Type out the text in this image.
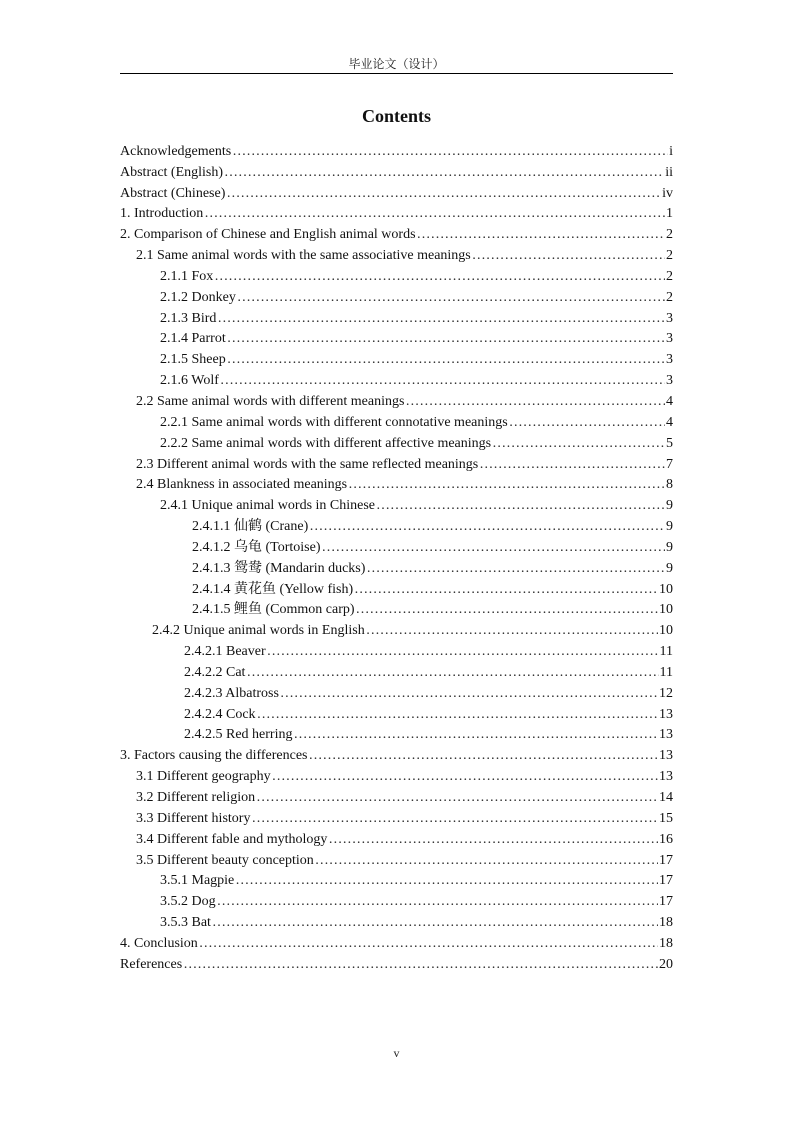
毕业论文（设计）
Contents
Acknowledgements …………………………………………………………………………………………………………………………………………………………………………………………………………………………………………	i
Abstract (English) …………………………………………………………………………………………………………………………………………………………………………………………………………………………………………	ii
Abstract (Chinese) …………………………………………………………………………………………………………………………………………………………………………………………………………………………………………	iv
1. Introduction …………………………………………………………………………………………………………………………………………………………………………………………………………………………………………	1
2. Comparison of Chinese and English animal words …………………………………………………………………………………………………………………………………………………………………………………………………………………………………………	2
2.1 Same animal words with the same associative meanings …………………………………………………………………………………………………………………………………………………………………………………………………………………………………………	2
2.1.1 Fox …………………………………………………………………………………………………………………………………………………………………………………………………………………………………………	2
2.1.2 Donkey …………………………………………………………………………………………………………………………………………………………………………………………………………………………………………	2
2.1.3 Bird …………………………………………………………………………………………………………………………………………………………………………………………………………………………………………	3
2.1.4 Parrot …………………………………………………………………………………………………………………………………………………………………………………………………………………………………………	3
2.1.5 Sheep …………………………………………………………………………………………………………………………………………………………………………………………………………………………………………	3
2.1.6 Wolf …………………………………………………………………………………………………………………………………………………………………………………………………………………………………………	3
2.2 Same animal words with different meanings …………………………………………………………………………………………………………………………………………………………………………………………………………………………………………	4
2.2.1 Same animal words with different connotative meanings …………………………………………………………………………………………………………………………………………………………………………………………………………………………………………	4
2.2.2 Same animal words with different affective meanings …………………………………………………………………………………………………………………………………………………………………………………………………………………………………………	5
2.3 Different animal words with the same reflected meanings …………………………………………………………………………………………………………………………………………………………………………………………………………………………………………	7
2.4 Blankness in associated meanings …………………………………………………………………………………………………………………………………………………………………………………………………………………………………………	8
2.4.1 Unique animal words in Chinese …………………………………………………………………………………………………………………………………………………………………………………………………………………………………………	9
2.4.1.1 仙鹤 (Crane) …………………………………………………………………………………………………………………………………………………………………………………………………………………………………………	9
2.4.1.2 乌龟 (Tortoise) …………………………………………………………………………………………………………………………………………………………………………………………………………………………………………	9
2.4.1.3 鸳鸯 (Mandarin ducks) …………………………………………………………………………………………………………………………………………………………………………………………………………………………………………	9
2.4.1.4 黄花鱼 (Yellow fish) …………………………………………………………………………………………………………………………………………………………………………………………………………………………………………	10
2.4.1.5 鲤鱼 (Common carp) …………………………………………………………………………………………………………………………………………………………………………………………………………………………………………	10
2.4.2 Unique animal words in English …………………………………………………………………………………………………………………………………………………………………………………………………………………………………………	10
2.4.2.1 Beaver …………………………………………………………………………………………………………………………………………………………………………………………………………………………………………	11
2.4.2.2 Cat …………………………………………………………………………………………………………………………………………………………………………………………………………………………………………	11
2.4.2.3 Albatross …………………………………………………………………………………………………………………………………………………………………………………………………………………………………………	12
2.4.2.4 Cock …………………………………………………………………………………………………………………………………………………………………………………………………………………………………………	13
2.4.2.5 Red herring …………………………………………………………………………………………………………………………………………………………………………………………………………………………………………	13
3. Factors causing the differences …………………………………………………………………………………………………………………………………………………………………………………………………………………………………………	13
3.1 Different geography …………………………………………………………………………………………………………………………………………………………………………………………………………………………………………	13
3.2 Different religion …………………………………………………………………………………………………………………………………………………………………………………………………………………………………………	14
3.3 Different history …………………………………………………………………………………………………………………………………………………………………………………………………………………………………………	15
3.4 Different fable and mythology …………………………………………………………………………………………………………………………………………………………………………………………………………………………………………	16
3.5 Different beauty conception …………………………………………………………………………………………………………………………………………………………………………………………………………………………………………	17
3.5.1 Magpie …………………………………………………………………………………………………………………………………………………………………………………………………………………………………………	17
3.5.2 Dog …………………………………………………………………………………………………………………………………………………………………………………………………………………………………………	17
3.5.3 Bat …………………………………………………………………………………………………………………………………………………………………………………………………………………………………………	18
4. Conclusion …………………………………………………………………………………………………………………………………………………………………………………………………………………………………………	18
References …………………………………………………………………………………………………………………………………………………………………………………………………………………………………………	20
v
